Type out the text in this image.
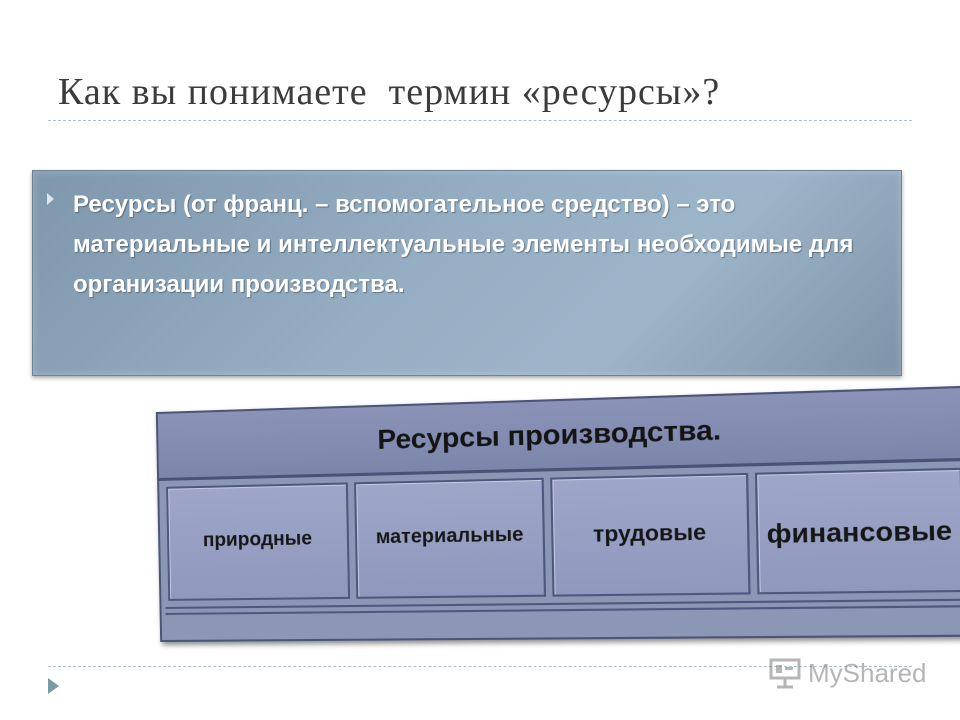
Как вы понимаете  термин «ресурсы»?

Ресурсы (от франц. – вспомогательное средство) – это материальные и интеллектуальные элементы необходимые для организации производства.

Ресурсы производства.
природные	материальные	трудовые финансовые
MyShared
